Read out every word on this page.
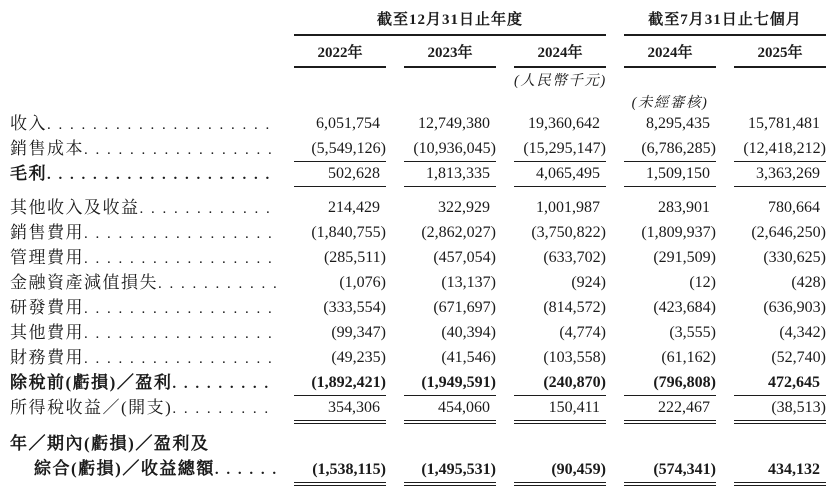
截至12月31日止年度	截至7月31日止七個月
2022年	2023年	2024年	2024年	2025年
(人民幣千元)
(未經審核)
收入 . . .	6,051,754	12,749,380	19,360,642	8,295,435	15,781,481
銷售成本 . . .	(5,549,126)	(10,936,045)	(15,295,147)	(6,786,285)	(12,418,212)
毛利 . . .	502,628	1,813,335	4,065,495	1,509,150	3,363,269
其他收入及收益 . . .	214,429	322,929	1,001,987	283,901	780,664
銷售費用 . . .	(1,840,755)	(2,862,027)	(3,750,822)	(1,809,937)	(2,646,250)
管理費用 . . .	(285,511)	(457,054)	(633,702)	(291,509)	(330,625)
金融資產減值損失 . . .	(1,076)	(13,137)	(924)	(12)	(428)
研發費用 . . .	(333,554)	(671,697)	(814,572)	(423,684)	(636,903)
其他費用 . . .	(99,347)	(40,394)	(4,774)	(3,555)	(4,342)
財務費用 . . .	(49,235)	(41,546)	(103,558)	(61,162)	(52,740)
除稅前(虧損)／盈利 . . .	(1,892,421)	(1,949,591)	(240,870)	(796,808)	472,645
所得稅收益／(開支) . . .	354,306	454,060	150,411	222,467	(38,513)
年／期內(虧損)／盈利及
綜合(虧損)／收益總額 . . .	(1,538,115)	(1,495,531)	(90,459)	(574,341)	434,132
